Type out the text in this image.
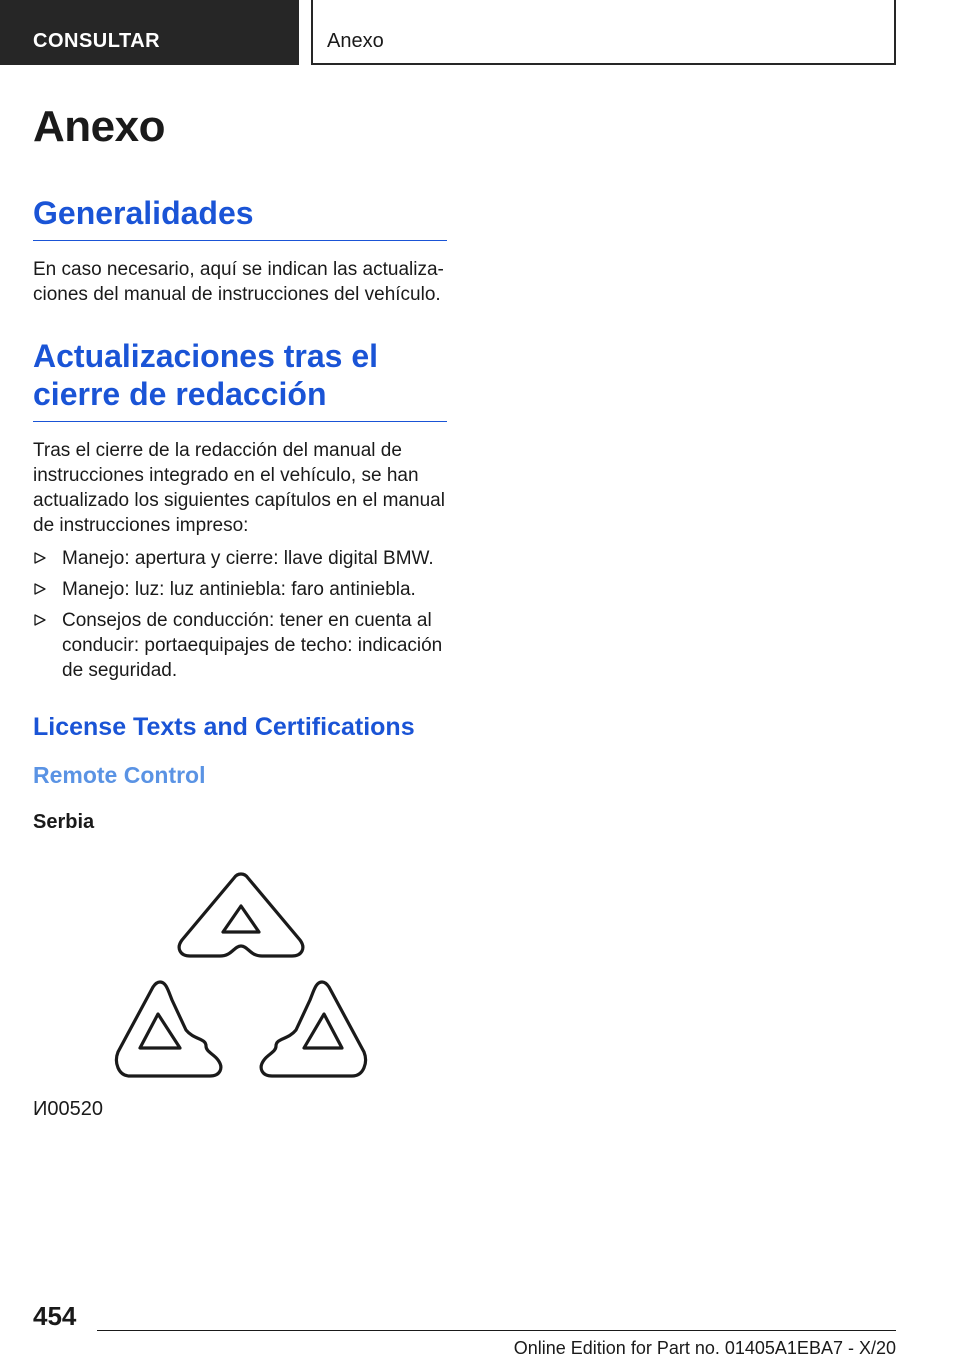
CONSULTAR	Anexo
Anexo
Generalidades

En caso necesario, aquí se indican las actualizaciones del manual de instrucciones del vehículo.

Actualizaciones tras el
cierre de redacción

Tras el cierre de la redacción del manual de instrucciones integrado en el vehículo, se han actualizado los siguientes capítulos en el manual de instrucciones impreso:

Manejo: apertura y cierre: llave digital BMW.
Manejo: luz: luz antiniebla: faro antiniebla.
Consejos de conducción: tener en cuenta al conducir: portaequipajes de techo: indicación de seguridad.
License Texts and Certifications
Remote Control
Serbia
И00520
454
Online Edition for Part no. 01405A1EBA7 - X/20
